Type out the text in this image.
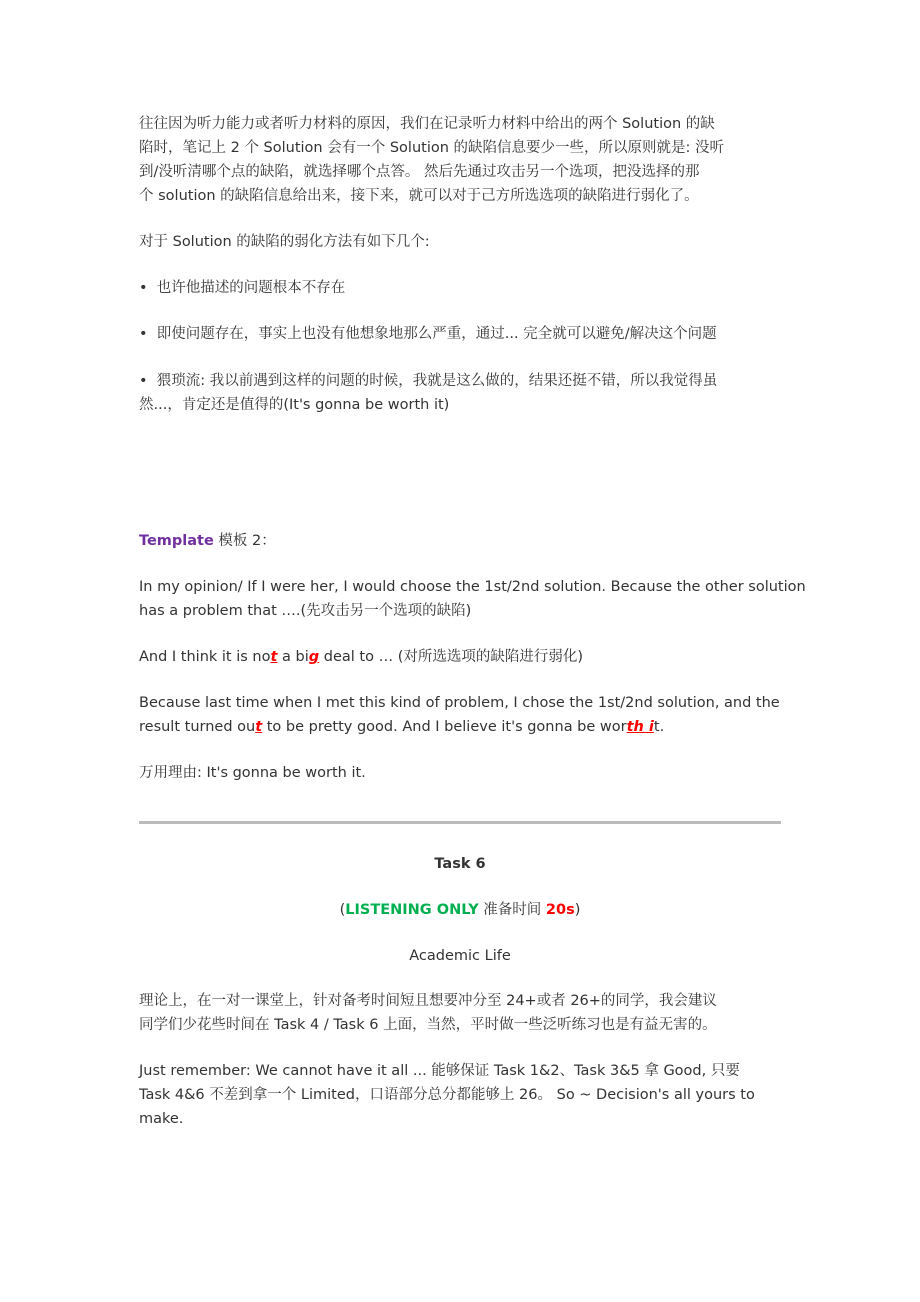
往往因为听力能力或者听力材料的原因，我们在记录听力材料中给出的两个 Solution 的缺
陷时，笔记上 2 个 Solution 会有一个 Solution 的缺陷信息要少一些，所以原则就是: 没听
到/没听清哪个点的缺陷，就选择哪个点答。 然后先通过攻击另一个选项，把没选择的那
个 solution 的缺陷信息给出来，接下来，就可以对于己方所选选项的缺陷进行弱化了。
对于 Solution 的缺陷的弱化方法有如下几个:
• 也许他描述的问题根本不存在
• 即使问题存在，事实上也没有他想象地那么严重，通过... 完全就可以避免/解决这个问题
• 猥琐流: 我以前遇到这样的问题的时候，我就是这么做的，结果还挺不错，所以我觉得虽
然...，肯定还是值得的(It's gonna be worth it)
Template 模板 2：
In my opinion/ If I were her, I would choose the 1st/2nd solution. Because the other solution
has a problem that ….(先攻击另一个选项的缺陷)
And I think it is not a big deal to … (对所选选项的缺陷进行弱化)
Because last time when I met this kind of problem, I chose the 1st/2nd solution, and the
result turned out to be pretty good. And I believe it's gonna be worth it.
万用理由: It's gonna be worth it.
Task 6
(LISTENING ONLY 准备时间 20s)
Academic Life
理论上，在一对一课堂上，针对备考时间短且想要冲分至 24+或者 26+的同学，我会建议
同学们少花些时间在 Task 4 / Task 6 上面，当然，平时做一些泛听练习也是有益无害的。
Just remember: We cannot have it all ... 能够保证 Task 1&2、Task 3&5 拿 Good, 只要
Task 4&6 不差到拿一个 Limited，口语部分总分都能够上 26。 So ~ Decision's all yours to
make.
